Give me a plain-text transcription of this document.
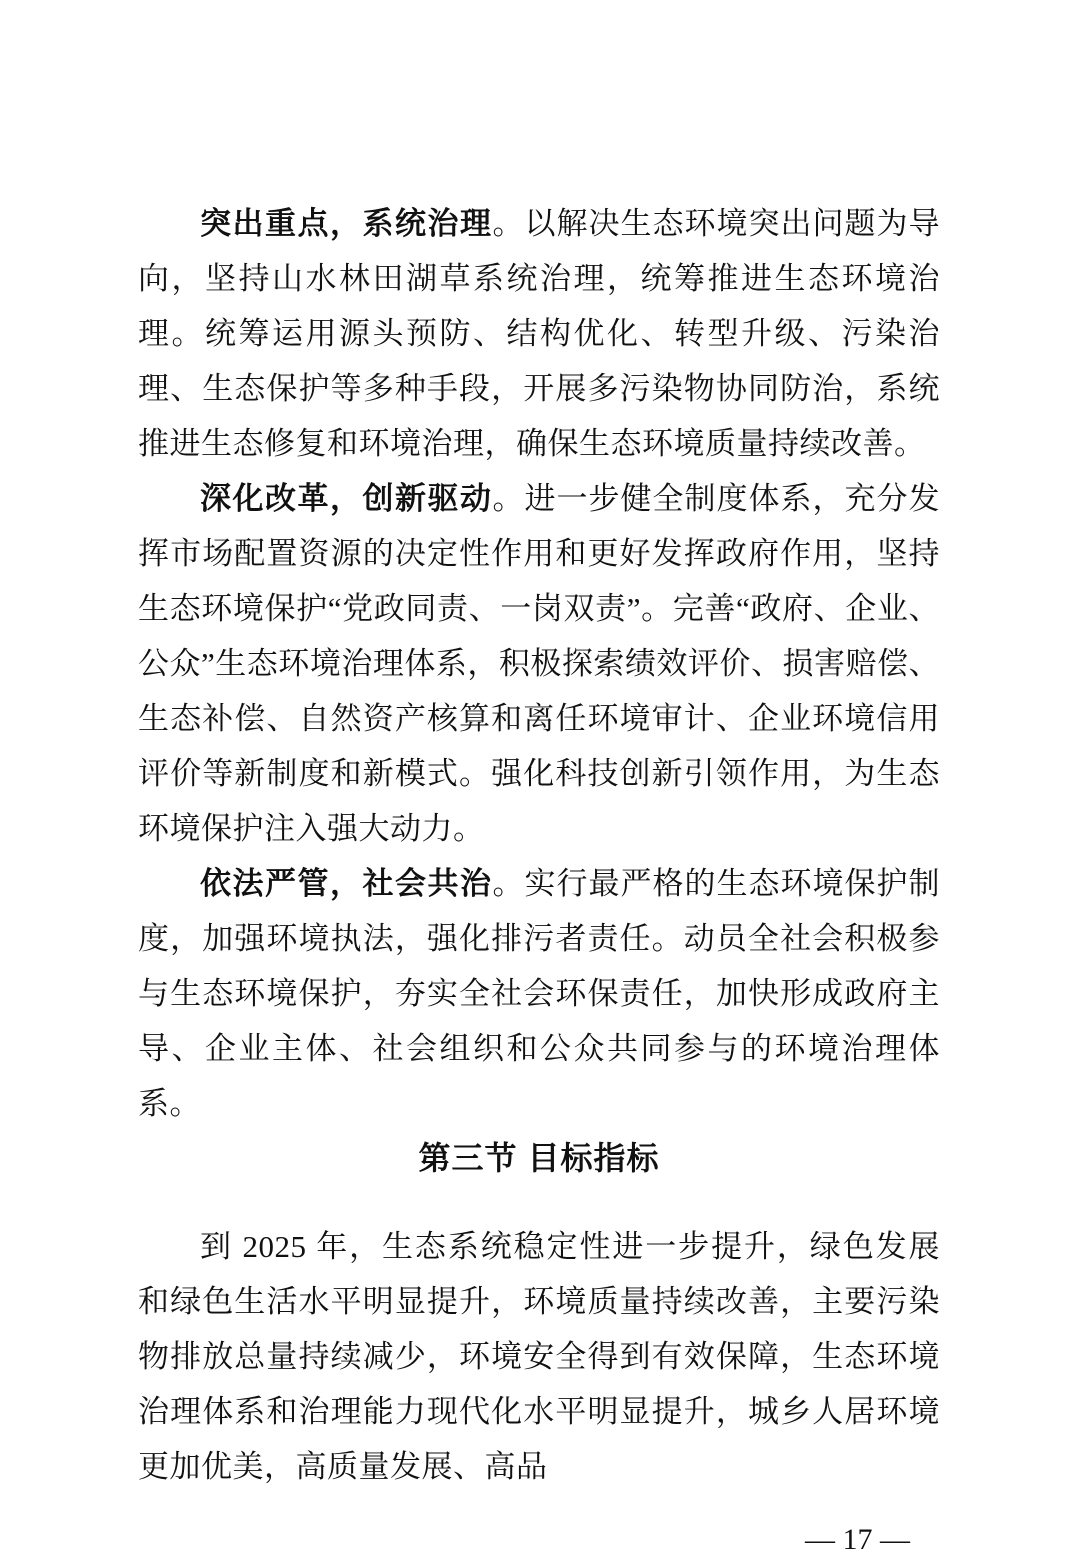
突出重点，系统治理。以解决生态环境突出问题为导向，坚持山水林田湖草系统治理，统筹推进生态环境治理。统筹运用源头预防、结构优化、转型升级、污染治理、生态保护等多种手段，开展多污染物协同防治，系统推进生态修复和环境治理，确保生态环境质量持续改善。

深化改革，创新驱动。进一步健全制度体系，充分发挥市场配置资源的决定性作用和更好发挥政府作用，坚持生态环境保护“党政同责、一岗双责”。完善“政府、企业、公众”生态环境治理体系，积极探索绩效评价、损害赔偿、生态补偿、自然资产核算和离任环境审计、企业环境信用评价等新制度和新模式。强化科技创新引领作用，为生态环境保护注入强大动力。

依法严管，社会共治。实行最严格的生态环境保护制度，加强环境执法，强化排污者责任。动员全社会积极参与生态环境保护，夯实全社会环保责任，加快形成政府主导、企业主体、社会组织和公众共同参与的环境治理体系。

第三节 目标指标

到 2025 年，生态系统稳定性进一步提升，绿色发展和绿色生活水平明显提升，环境质量持续改善，主要污染物排放总量持续减少，环境安全得到有效保障，生态环境治理体系和治理能力现代化水平明显提升，城乡人居环境更加优美，高质量发展、高品

— 17 —
